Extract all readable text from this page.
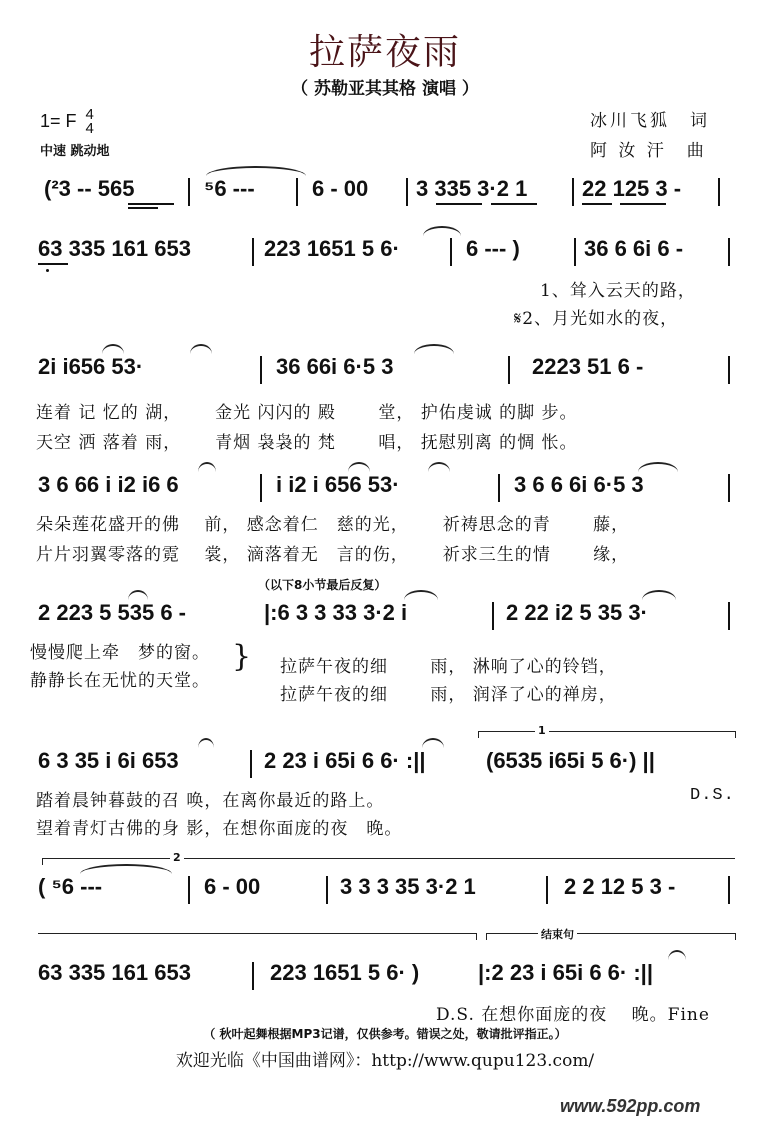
拉萨夜雨
（ 苏勒亚其其格 演唱 ）
1= F 4
4
中速 跳动地
冰川飞狐　词
阿 汝 汗　曲
(²3 -- 565	⁵6 ---	6 - 00 3 335 3·2 1 22 125 3 -
63 335 161 653	223 1651 5 6·	6 --- )	36 6 6i 6 -
1、耸入云天的路，
𝄋2、月光如水的夜，
2i i656 53·	36 66i 6·5 3	2223 51 6 -
连着 记 忆的 湖，　　 金光 闪闪的 殿　　 堂， 护佑虔诚 的脚 步。
天空 洒 落着 雨，　　 青烟 袅袅的 梵　　 唱， 抚慰别离 的惆 怅。
3 6 66 i i2 i6 6	i i2 i 656 53·	3 6 6 6i 6·5 3
朵朵莲花盛开的佛　 前， 感念着仁　慈的光，　　 祈祷思念的青　　 藤，
片片羽翼零落的霓　 裳， 滴落着无　言的伤，　　 祈求三生的情　　 缘，
（以下8小节最后反复）
2 223 5 535 6 -	|:6 3 3 33 3·2 i	2 22 i2 5 35 3·
慢慢爬上牵　梦的窗。
静静长在无忧的天堂。
} 拉萨午夜的细　　 雨， 淋响了心的铃铛，
拉萨午夜的细　　 雨， 润泽了心的禅房，
1
6 3 35 i 6i 653	2 23 i 65i 6 6· :||	(6535 i65i 5 6·) ||
踏着晨钟暮鼓的召 唤，在离你最近的路上。
望着青灯古佛的身 影，在想你面庞的夜　晚。
D.S.
2
( ⁵6 ---	6 - 00	3 3 3 35 3·2 1	2 2 12 5 3 -
结束句
63 335 161 653	223 1651 5 6· )	|:2 23 i 65i 6 6· :||
D.S. 在想你面庞的夜　 晚。Fine
（ 秋叶起舞根据MP3记谱，仅供参考。错误之处，敬请批评指正。）
欢迎光临《中国曲谱网》：http://www.qupu123.com/
www.592pp.com
